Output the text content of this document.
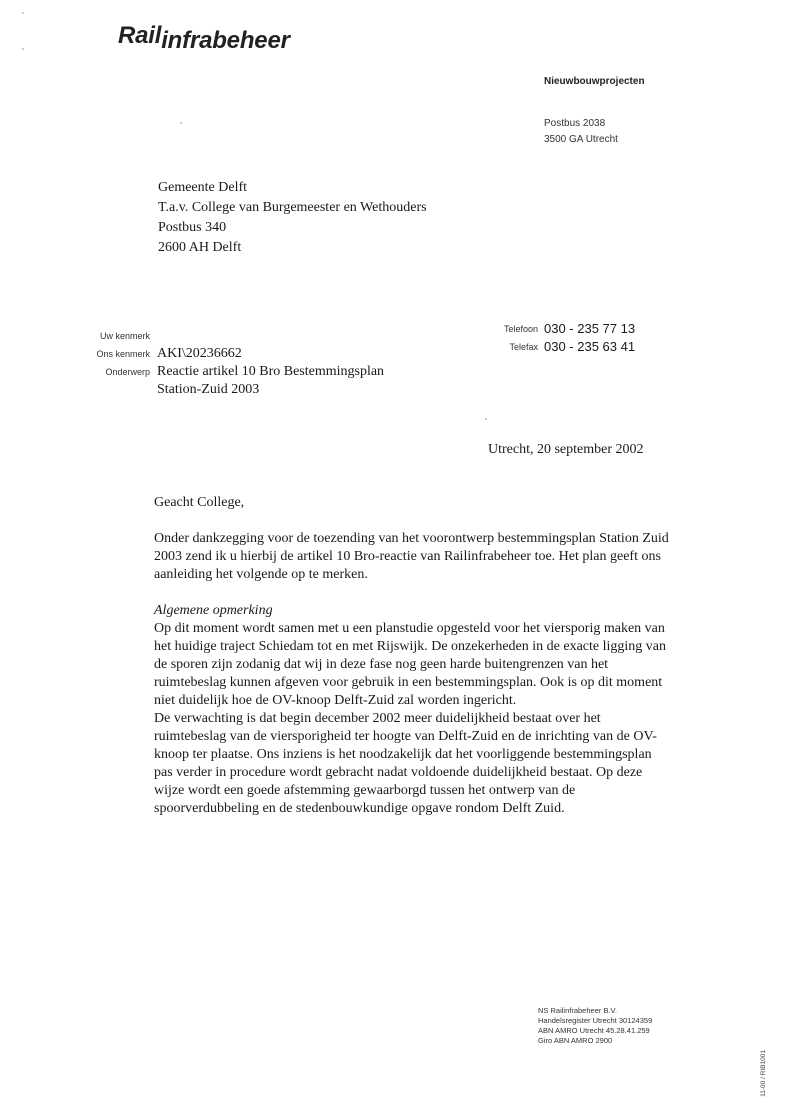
Railinfrabeheer
Nieuwbouwprojecten
Postbus 2038
3500 GA Utrecht
Gemeente Delft
T.a.v. College van Burgemeester en Wethouders
Postbus 340
2600 AH Delft
Uw kenmerk
Ons kenmerk
Onderwerp
AKI\20236662
Reactie artikel 10 Bro Bestemmingsplan
Station-Zuid 2003
Telefoon
Telefax
030 - 235 77 13
030 - 235 63 41
Utrecht, 20 september 2002
Geacht College,
Onder dankzegging voor de toezending van het voorontwerp bestemmingsplan Station Zuid
2003 zend ik u hierbij de artikel 10 Bro-reactie van Railinfrabeheer toe. Het plan geeft ons
aanleiding het volgende op te merken.
Algemene opmerking
Op dit moment wordt samen met u een planstudie opgesteld voor het viersporig maken van
het huidige traject Schiedam tot en met Rijswijk. De onzekerheden in de exacte ligging van
de sporen zijn zodanig dat wij in deze fase nog geen harde buitengrenzen van het
ruimtebeslag kunnen afgeven voor gebruik in een bestemmingsplan. Ook is op dit moment
niet duidelijk hoe de OV-knoop Delft-Zuid zal worden ingericht.
De verwachting is dat begin december 2002 meer duidelijkheid bestaat over het
ruimtebeslag van de viersporigheid ter hoogte van Delft-Zuid en de inrichting van de OV-
knoop ter plaatse. Ons inziens is het noodzakelijk dat het voorliggende bestemmingsplan
pas verder in procedure wordt gebracht nadat voldoende duidelijkheid bestaat. Op deze
wijze wordt een goede afstemming gewaarborgd tussen het ontwerp van de
spoorverdubbeling en de stedenbouwkundige opgave rondom Delft Zuid.
NS Railinfrabeheer B.V.
Handelsregister Utrecht 30124359
ABN AMRO Utrecht 45.28.41.259
Giro ABN AMRO 2900
11-00 / RIB1001
